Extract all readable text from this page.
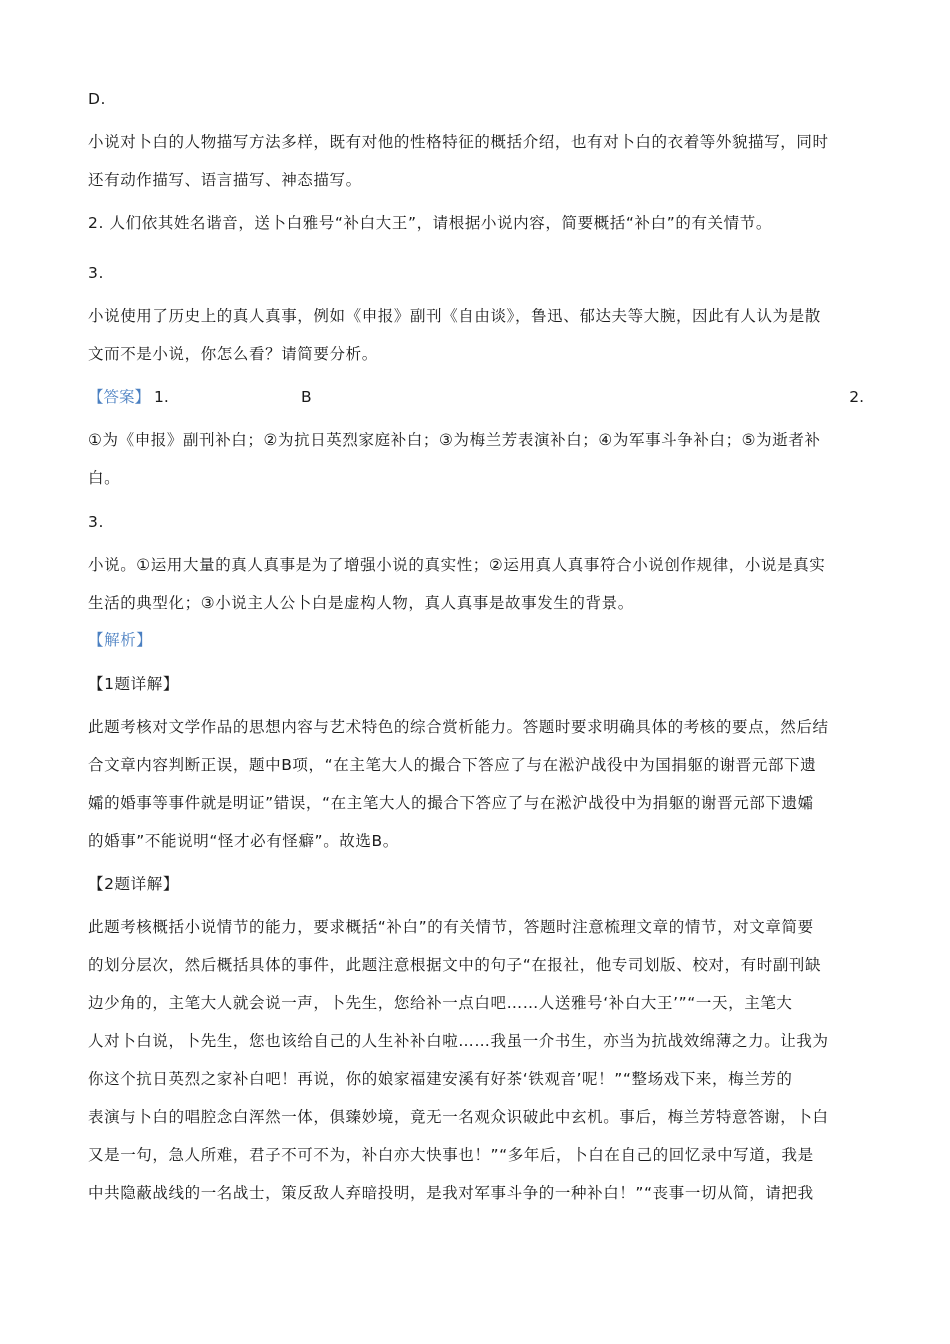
D.
小说对卜白的人物描写方法多样，既有对他的性格特征的概括介绍，也有对卜白的衣着等外貌描写，同时
还有动作描写、语言描写、神态描写。
2. 人们依其姓名谐音，送卜白雅号“补白大王”，请根据小说内容，简要概括“补白”的有关情节。
3.
小说使用了历史上的真人真事，例如《申报》副刊《自由谈》，鲁迅、郁达夫等大腕，因此有人认为是散
文而不是小说，你怎么看？请简要分析。
【答案】 1.	B	2.
①为《申报》副刊补白；②为抗日英烈家庭补白；③为梅兰芳表演补白；④为军事斗争补白；⑤为逝者补
白。
3.
小说。①运用大量的真人真事是为了增强小说的真实性；②运用真人真事符合小说创作规律，小说是真实
生活的典型化；③小说主人公卜白是虚构人物，真人真事是故事发生的背景。
【解析】
【1题详解】
此题考核对文学作品的思想内容与艺术特色的综合赏析能力。答题时要求明确具体的考核的要点，然后结
合文章内容判断正误，题中B项，“在主笔大人的撮合下答应了与在淞沪战役中为国捐躯的谢晋元部下遗
孀的婚事等事件就是明证”错误，“在主笔大人的撮合下答应了与在淞沪战役中为捐躯的谢晋元部下遗孀
的婚事”不能说明“怪才必有怪癖”。故选B。
【2题详解】
此题考核概括小说情节的能力，要求概括“补白”的有关情节，答题时注意梳理文章的情节，对文章简要
的划分层次，然后概括具体的事件，此题注意根据文中的句子“在报社，他专司划版、校对，有时副刊缺
边少角的，主笔大人就会说一声，卜先生，您给补一点白吧……人送雅号‘补白大王’”“一天，主笔大
人对卜白说，卜先生，您也该给自己的人生补补白啦……我虽一介书生，亦当为抗战效绵薄之力。让我为
你这个抗日英烈之家补白吧！再说，你的娘家福建安溪有好茶‘铁观音’呢！”“整场戏下来，梅兰芳的
表演与卜白的唱腔念白浑然一体，俱臻妙境，竟无一名观众识破此中玄机。事后，梅兰芳特意答谢，卜白
又是一句，急人所难，君子不可不为，补白亦大快事也！”“多年后，卜白在自己的回忆录中写道，我是
中共隐蔽战线的一名战士，策反敌人弃暗投明，是我对军事斗争的一种补白！”“丧事一切从简，请把我
